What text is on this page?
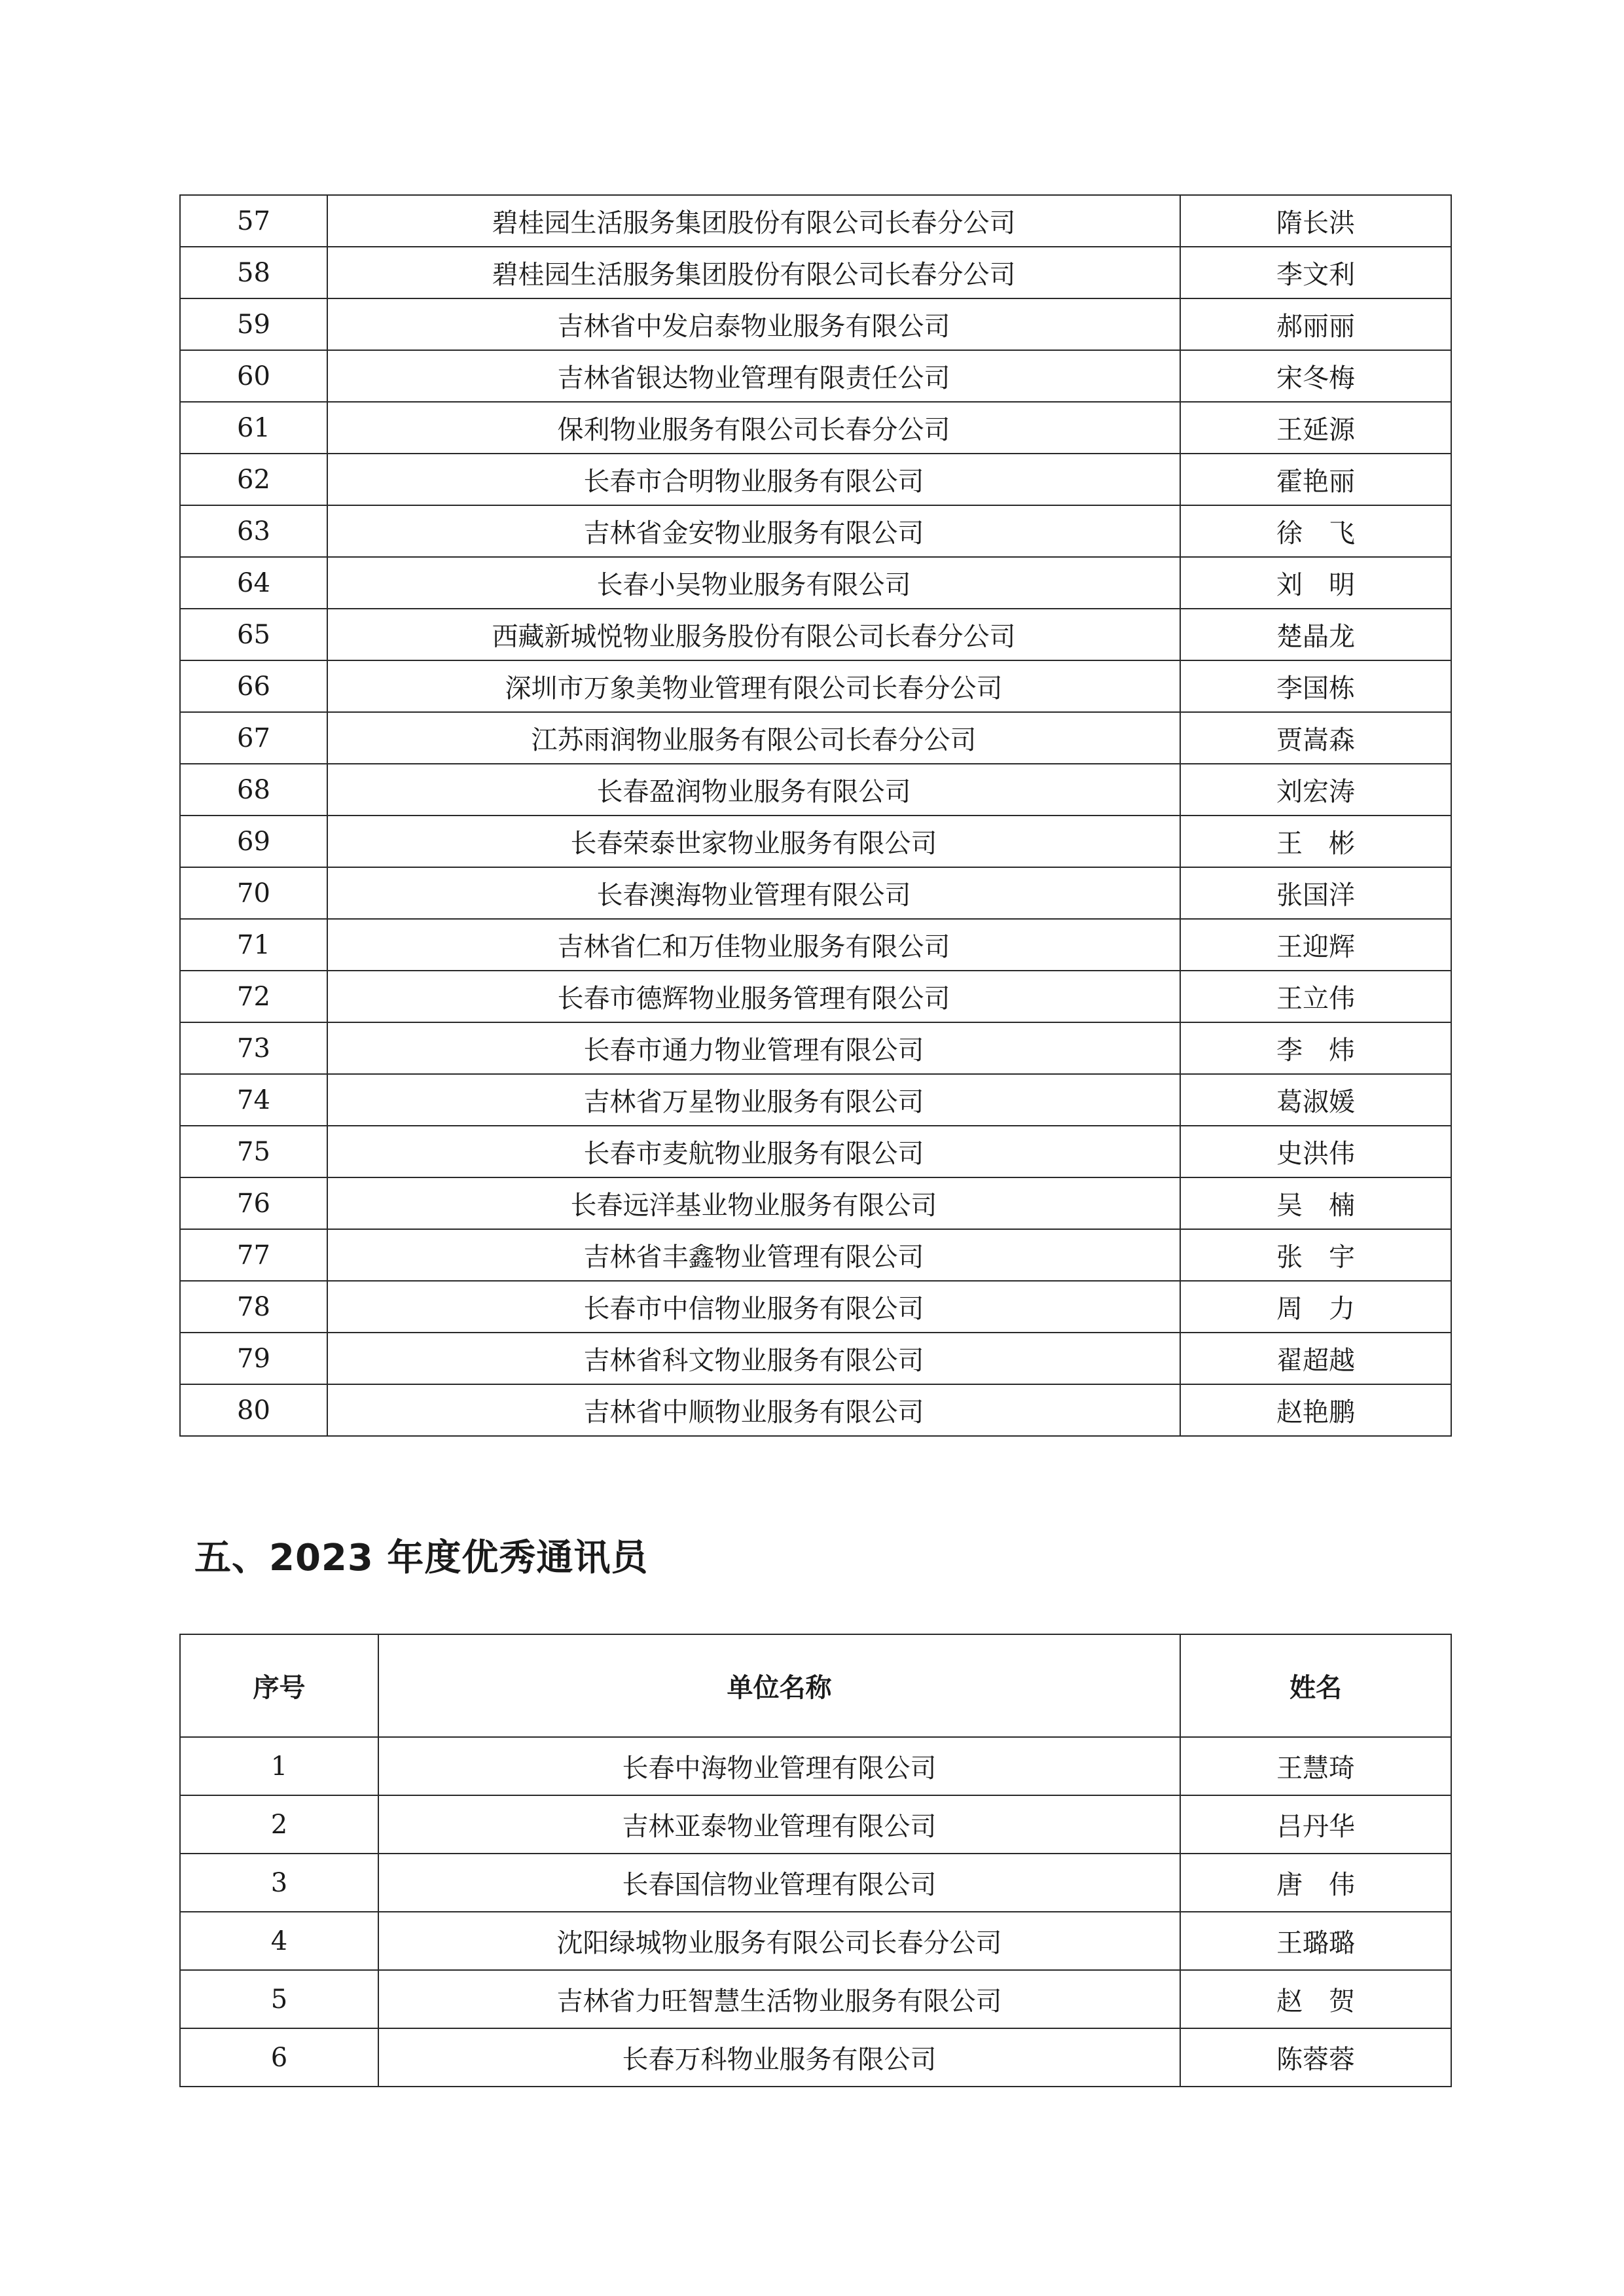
57	碧桂园生活服务集团股份有限公司长春分公司	隋长洪
58	碧桂园生活服务集团股份有限公司长春分公司	李文利
59	吉林省中发启泰物业服务有限公司	郝丽丽
60	吉林省银达物业管理有限责任公司	宋冬梅
61	保利物业服务有限公司长春分公司	王延源
62	长春市合明物业服务有限公司	霍艳丽
63	吉林省金安物业服务有限公司	徐　飞
64	长春小吴物业服务有限公司	刘　明
65	西藏新城悦物业服务股份有限公司长春分公司	楚晶龙
66	深圳市万象美物业管理有限公司长春分公司	李国栋
67	江苏雨润物业服务有限公司长春分公司	贾嵩森
68	长春盈润物业服务有限公司	刘宏涛
69	长春荣泰世家物业服务有限公司	王　彬
70	长春澳海物业管理有限公司	张国洋
71	吉林省仁和万佳物业服务有限公司	王迎辉
72	长春市德辉物业服务管理有限公司	王立伟
73	长春市通力物业管理有限公司	李　炜
74	吉林省万星物业服务有限公司	葛淑媛
75	长春市麦航物业服务有限公司	史洪伟
76	长春远洋基业物业服务有限公司	吴　楠
77	吉林省丰鑫物业管理有限公司	张　宇
78	长春市中信物业服务有限公司	周　力
79	吉林省科文物业服务有限公司	翟超越
80	吉林省中顺物业服务有限公司	赵艳鹏
五、2023 年度优秀通讯员
序号	单位名称	姓名
1	长春中海物业管理有限公司	王慧琦
2	吉林亚泰物业管理有限公司	吕丹华
3	长春国信物业管理有限公司	唐　伟
4	沈阳绿城物业服务有限公司长春分公司	王璐璐
5	吉林省力旺智慧生活物业服务有限公司	赵　贺
6	长春万科物业服务有限公司	陈蓉蓉
